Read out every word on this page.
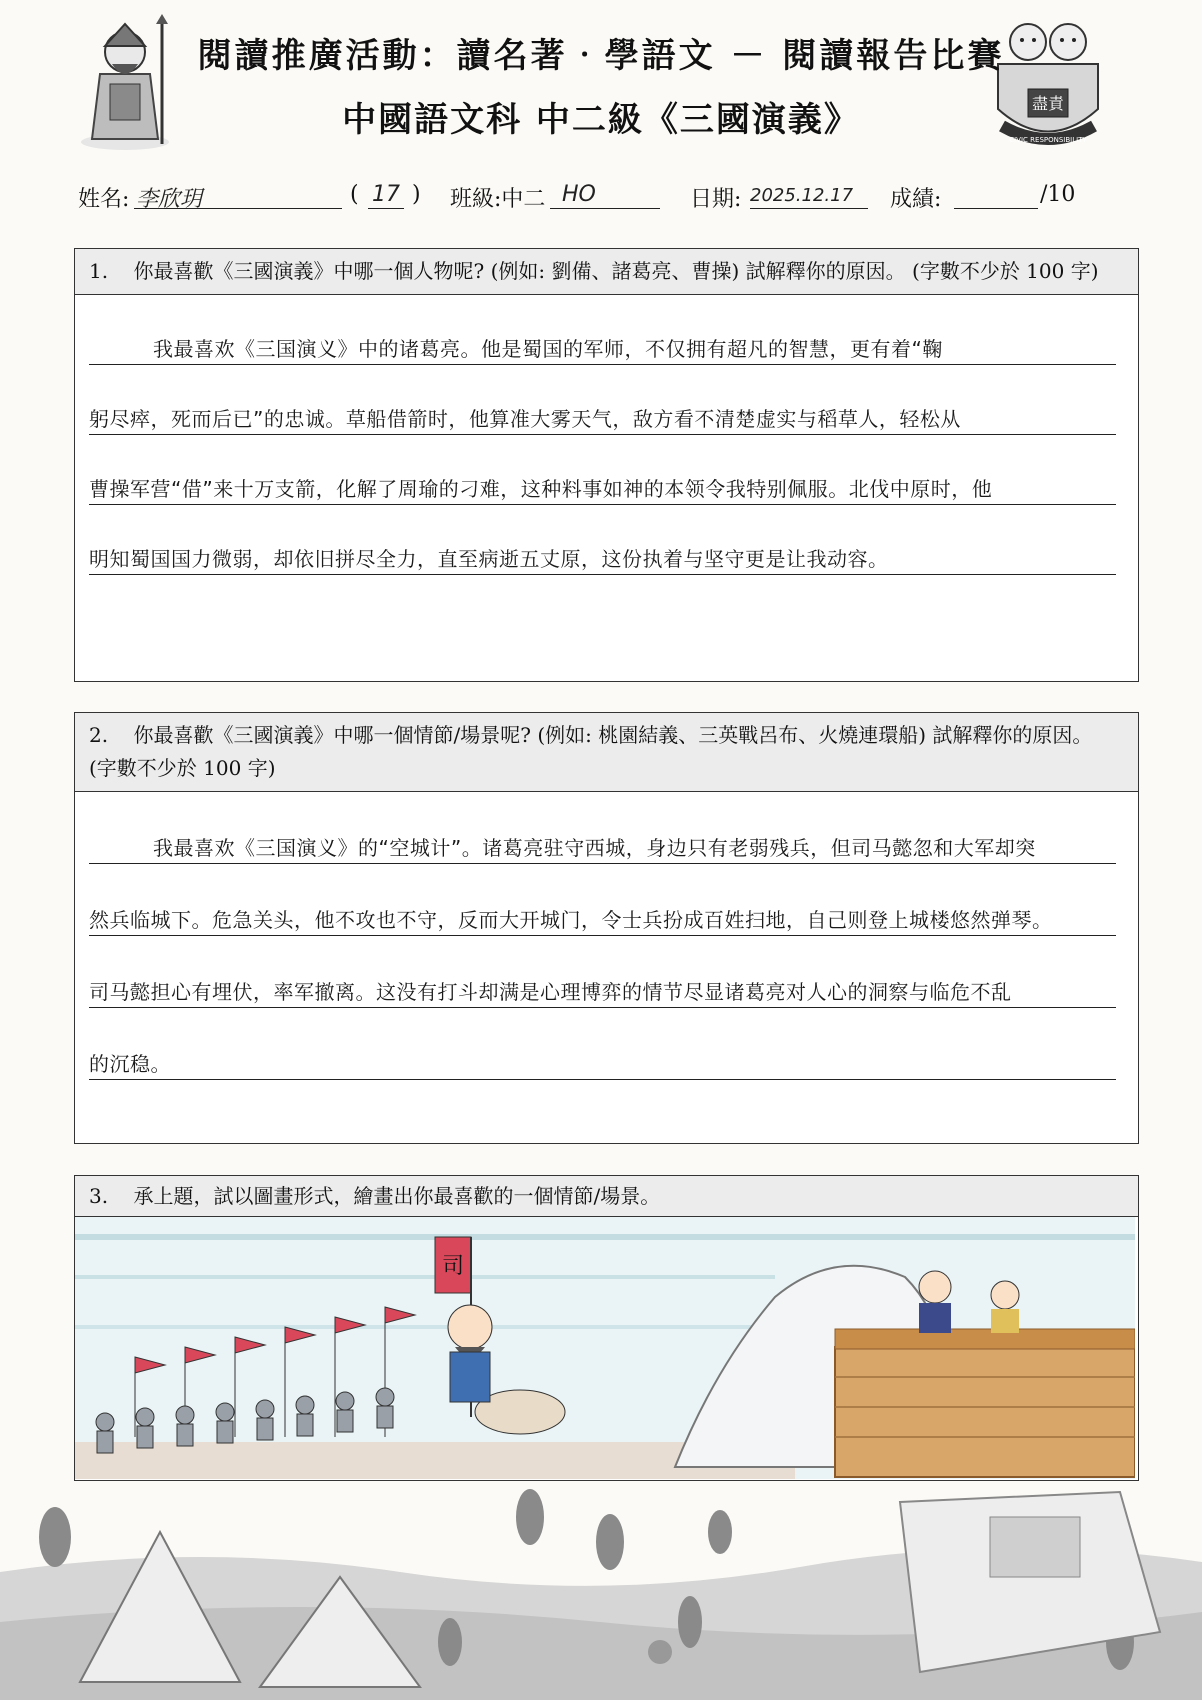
盡責
CIVIC RESPONSIBILITY
閱讀推廣活動：讀名著‧學語文 － 閱讀報告比賽
中國語文科 中二級《三國演義》
姓名: 李欣玥	( 17 ) 班級:中二 HO	日期: 2025.12.17	成績:	/10
1. 你最喜歡《三國演義》中哪一個人物呢? (例如: 劉備、諸葛亮、曹操) 試解釋你的原因。 (字數不少於 100 字)
我最喜欢《三国演义》中的诸葛亮。他是蜀国的军师，不仅拥有超凡的智慧，更有着“鞠
躬尽瘁，死而后已”的忠诚。草船借箭时，他算准大雾天气，敌方看不清楚虚实与稻草人，轻松从
曹操军营“借”来十万支箭，化解了周瑜的刁难，这种料事如神的本领令我特别佩服。北伐中原时，他
明知蜀国国力微弱，却依旧拼尽全力，直至病逝五丈原，这份执着与坚守更是让我动容。
2. 你最喜歡《三國演義》中哪一個情節/場景呢? (例如: 桃園結義、三英戰呂布、火燒連環船) 試解釋你的原因。 (字數不少於 100 字)
我最喜欢《三国演义》的“空城计”。诸葛亮驻守西城，身边只有老弱残兵，但司马懿忽和大军却突
然兵临城下。危急关头，他不攻也不守，反而大开城门，令士兵扮成百姓扫地，自己则登上城楼悠然弹琴。
司马懿担心有埋伏，率军撤离。这没有打斗却满是心理博弈的情节尽显诸葛亮对人心的洞察与临危不乱
的沉稳。
3. 承上題，試以圖畫形式，繪畫出你最喜歡的一個情節/場景。
司
